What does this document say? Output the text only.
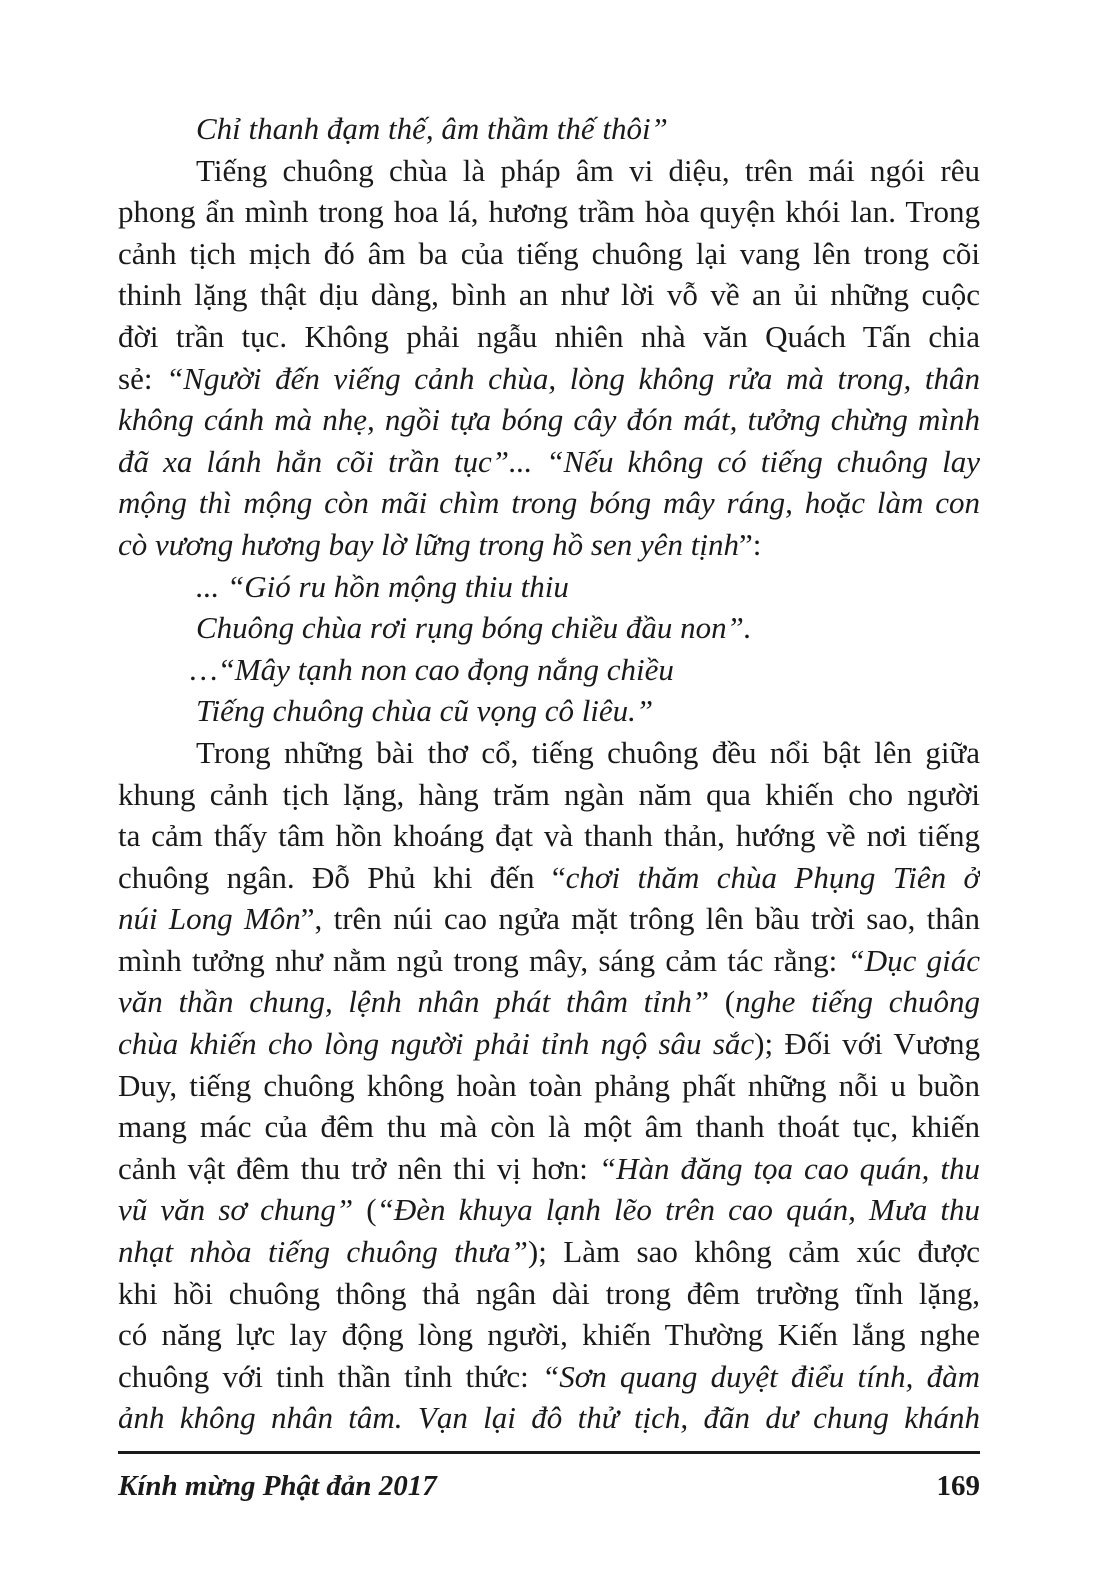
Chỉ thanh đạm thế, âm thầm thế thôi”
Tiếng chuông chùa là pháp âm vi diệu, trên mái ngói rêu
phong ẩn mình trong hoa lá, hương trầm hòa quyện khói lan. Trong
cảnh tịch mịch đó âm ba của tiếng chuông lại vang lên trong cõi
thinh lặng thật dịu dàng, bình an như lời vỗ về an ủi những cuộc
đời trần tục. Không phải ngẫu nhiên nhà văn Quách Tấn chia
sẻ: “Người đến viếng cảnh chùa, lòng không rửa mà trong, thân
không cánh mà nhẹ, ngồi tựa bóng cây đón mát, tưởng chừng mình
đã xa lánh hẳn cõi trần tục”... “Nếu không có tiếng chuông lay
mộng thì mộng còn mãi chìm trong bóng mây ráng, hoặc làm con
cò vương hương bay lờ lững trong hồ sen yên tịnh”:
... “Gió ru hồn mộng thiu thiu
Chuông chùa rơi rụng bóng chiều đầu non”.
…“Mây tạnh non cao đọng nắng chiều
Tiếng chuông chùa cũ vọng cô liêu.”
Trong những bài thơ cổ, tiếng chuông đều nổi bật lên giữa
khung cảnh tịch lặng, hàng trăm ngàn năm qua khiến cho người
ta cảm thấy tâm hồn khoáng đạt và thanh thản, hướng về nơi tiếng
chuông ngân. Đỗ Phủ khi đến “chơi thăm chùa Phụng Tiên ở
núi Long Môn”, trên núi cao ngửa mặt trông lên bầu trời sao, thân
mình tưởng như nằm ngủ trong mây, sáng cảm tác rằng: “Dục giác
văn thần chung, lệnh nhân phát thâm tỉnh” (nghe tiếng chuông
chùa khiến cho lòng người phải tỉnh ngộ sâu sắc); Đối với Vương
Duy, tiếng chuông không hoàn toàn phảng phất những nỗi u buồn
mang mác của đêm thu mà còn là một âm thanh thoát tục, khiến
cảnh vật đêm thu trở nên thi vị hơn: “Hàn đăng tọa cao quán, thu
vũ văn sơ chung” (“Đèn khuya lạnh lẽo trên cao quán, Mưa thu
nhạt nhòa tiếng chuông thưa”); Làm sao không cảm xúc được
khi hồi chuông thông thả ngân dài trong đêm trường tĩnh lặng,
có năng lực lay động lòng người, khiến Thường Kiến lắng nghe
chuông với tinh thần tỉnh thức: “Sơn quang duyệt điểu tính, đàm
ảnh không nhân tâm. Vạn lại đô thử tịch, đãn dư chung khánh
Kính mừng Phật đản 2017	169
